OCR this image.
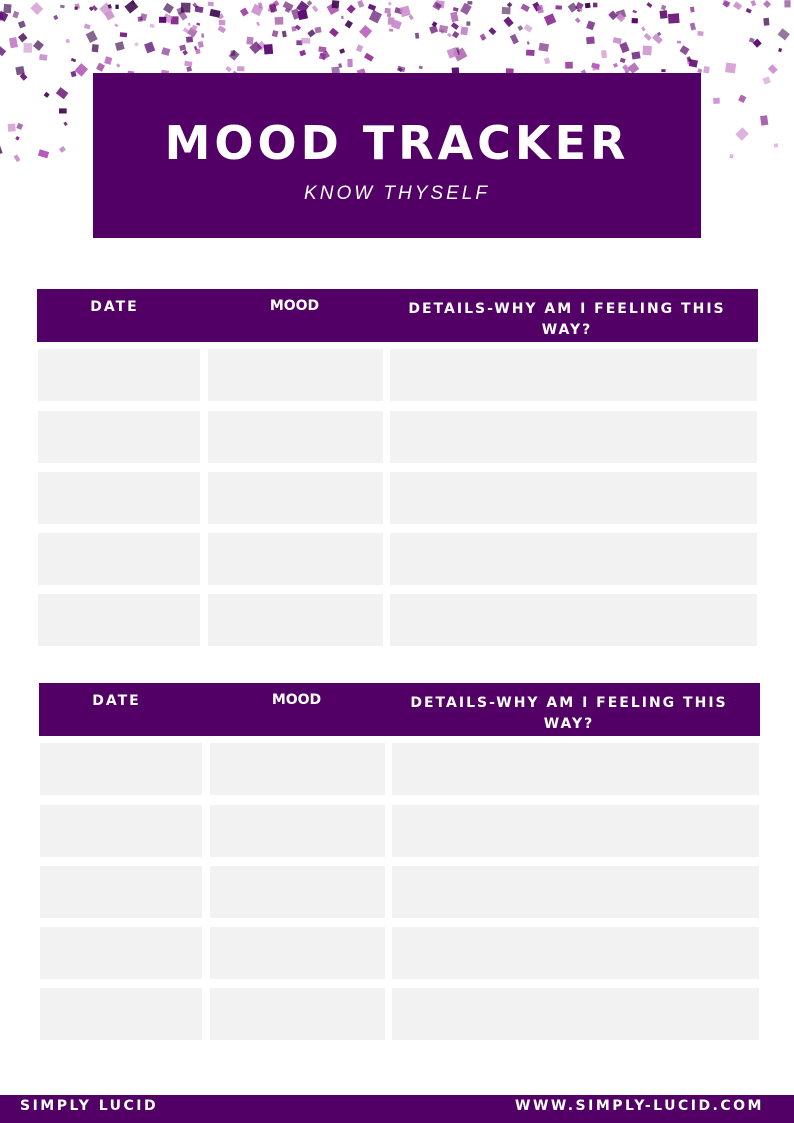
MOOD TRACKER
KNOW THYSELF
DATE	MOOD	DETAILS-WHY AM I FEELING THIS WAY?
DATE	MOOD	DETAILS-WHY AM I FEELING THIS WAY?
SIMPLY LUCID	WWW.SIMPLY-LUCID.COM
